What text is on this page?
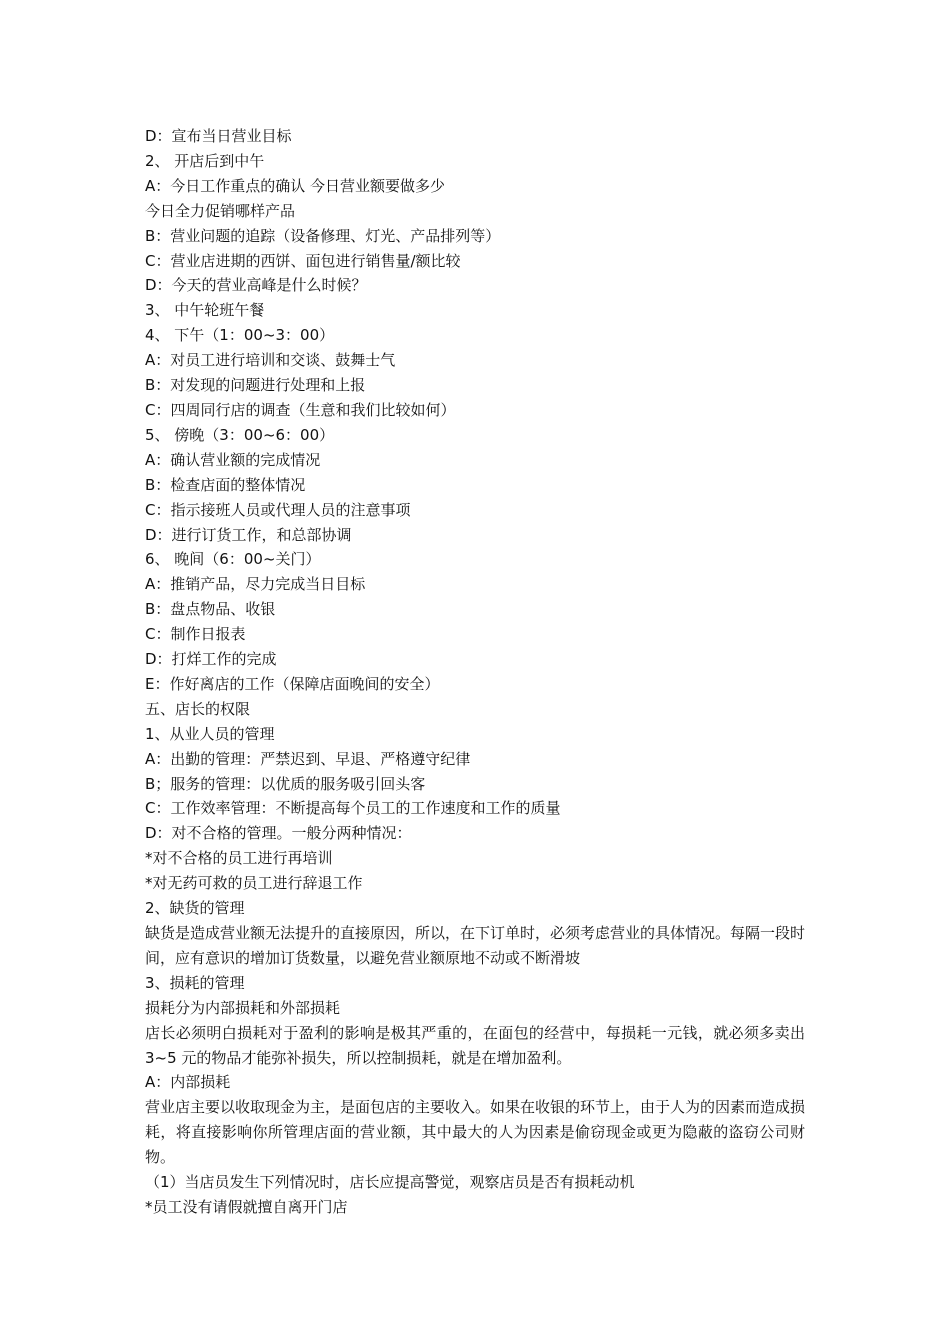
D：宣布当日营业目标

2、 开店后到中午

A：今日工作重点的确认 今日营业额要做多少

今日全力促销哪样产品

B：营业问题的追踪（设备修理、灯光、产品排列等）

C：营业店进期的西饼、面包进行销售量/额比较

D：今天的营业高峰是什么时候？

3、 中午轮班午餐

4、 下午（1：00~3：00）

A：对员工进行培训和交谈、鼓舞士气

B：对发现的问题进行处理和上报

C：四周同行店的调查（生意和我们比较如何）

5、 傍晚（3：00~6：00）

A：确认营业额的完成情况

B：检查店面的整体情况

C：指示接班人员或代理人员的注意事项

D：进行订货工作，和总部协调

6、 晚间（6：00~关门）

A：推销产品，尽力完成当日目标

B：盘点物品、收银

C：制作日报表

D：打烊工作的完成

E：作好离店的工作（保障店面晚间的安全）

五、店长的权限

1、从业人员的管理

A：出勤的管理：严禁迟到、早退、严格遵守纪律

B；服务的管理：以优质的服务吸引回头客

C：工作效率管理：不断提高每个员工的工作速度和工作的质量

D：对不合格的管理。一般分两种情况：

*对不合格的员工进行再培训

*对无药可救的员工进行辞退工作

2、缺货的管理

缺货是造成营业额无法提升的直接原因，所以，在下订单时，必须考虑营业的具体情况。每隔一段时间，应有意识的增加订货数量，以避免营业额原地不动或不断滑坡

3、损耗的管理

损耗分为内部损耗和外部损耗

店长必须明白损耗对于盈利的影响是极其严重的，在面包的经营中，每损耗一元钱，就必须多卖出 3~5 元的物品才能弥补损失，所以控制损耗，就是在增加盈利。

A：内部损耗

营业店主要以收取现金为主，是面包店的主要收入。如果在收银的环节上，由于人为的因素而造成损耗，将直接影响你所管理店面的营业额，其中最大的人为因素是偷窃现金或更为隐蔽的盗窃公司财物。

（1）当店员发生下列情况时，店长应提高警觉，观察店员是否有损耗动机

*员工没有请假就擅自离开门店
